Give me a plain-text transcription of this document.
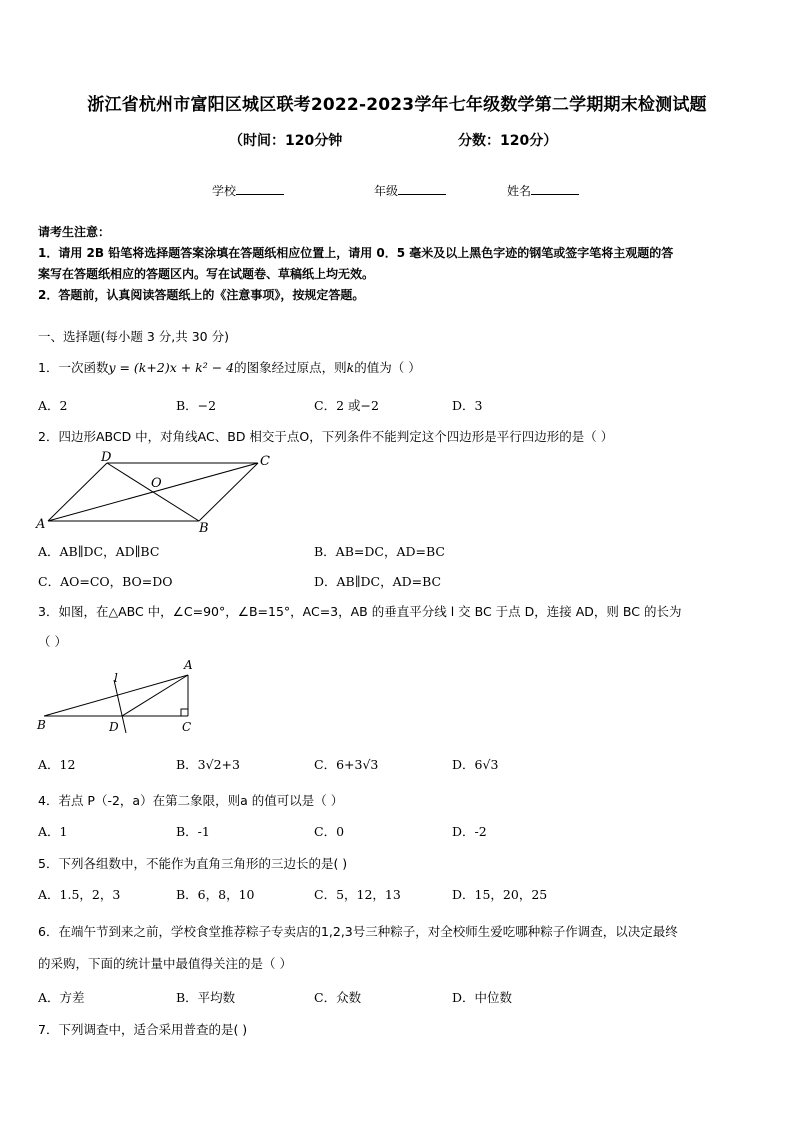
浙江省杭州市富阳区城区联考2022-2023学年七年级数学第二学期期末检测试题
（时间：120分钟	分数：120分）
学校	年级	姓名
请考生注意：
1．请用 2B 铅笔将选择题答案涂填在答题纸相应位置上，请用 0．5 毫米及以上黑色字迹的钢笔或签字笔将主观题的答
案写在答题纸相应的答题区内。写在试题卷、草稿纸上均无效。
2．答题前，认真阅读答题纸上的《注意事项》，按规定答题。
一、选择题(每小题 3 分,共 30 分)
1．一次函数y = (k+2)x + k² − 4的图象经过原点，则k的值为（ ）
A．2	B．−2	C．2 或−2	D．3
2．四边形ABCD 中，对角线AC、BD 相交于点O，下列条件不能判定这个四边形是平行四边形的是（ ）
D	C
O
A	B
A．AB∥DC，AD∥BC	B．AB=DC，AD=BC
C．AO=CO，BO=DO	D．AB∥DC，AD=BC
3．如图，在△ABC 中，∠C=90°，∠B=15°，AC=3，AB 的垂直平分线 l 交 BC 于点 D，连接 AD，则 BC 的长为
（ ）
A
l
B	D	C
A．12	B．3√2+3	C．6+3√3	D．6√3
4．若点 P（-2，a）在第二象限，则a 的值可以是（ ）
A．1	B．-1	C．0	D．-2
5．下列各组数中，不能作为直角三角形的三边长的是( )
A．1.5，2，3	B．6，8，10	C．5，12，13	D．15，20，25
6．在端午节到来之前，学校食堂推荐粽子专卖店的1,2,3号三种粽子，对全校师生爱吃哪种粽子作调查，以决定最终
的采购，下面的统计量中最值得关注的是（ ）
A．方差	B．平均数	C．众数	D．中位数
7．下列调查中，适合采用普查的是( )
